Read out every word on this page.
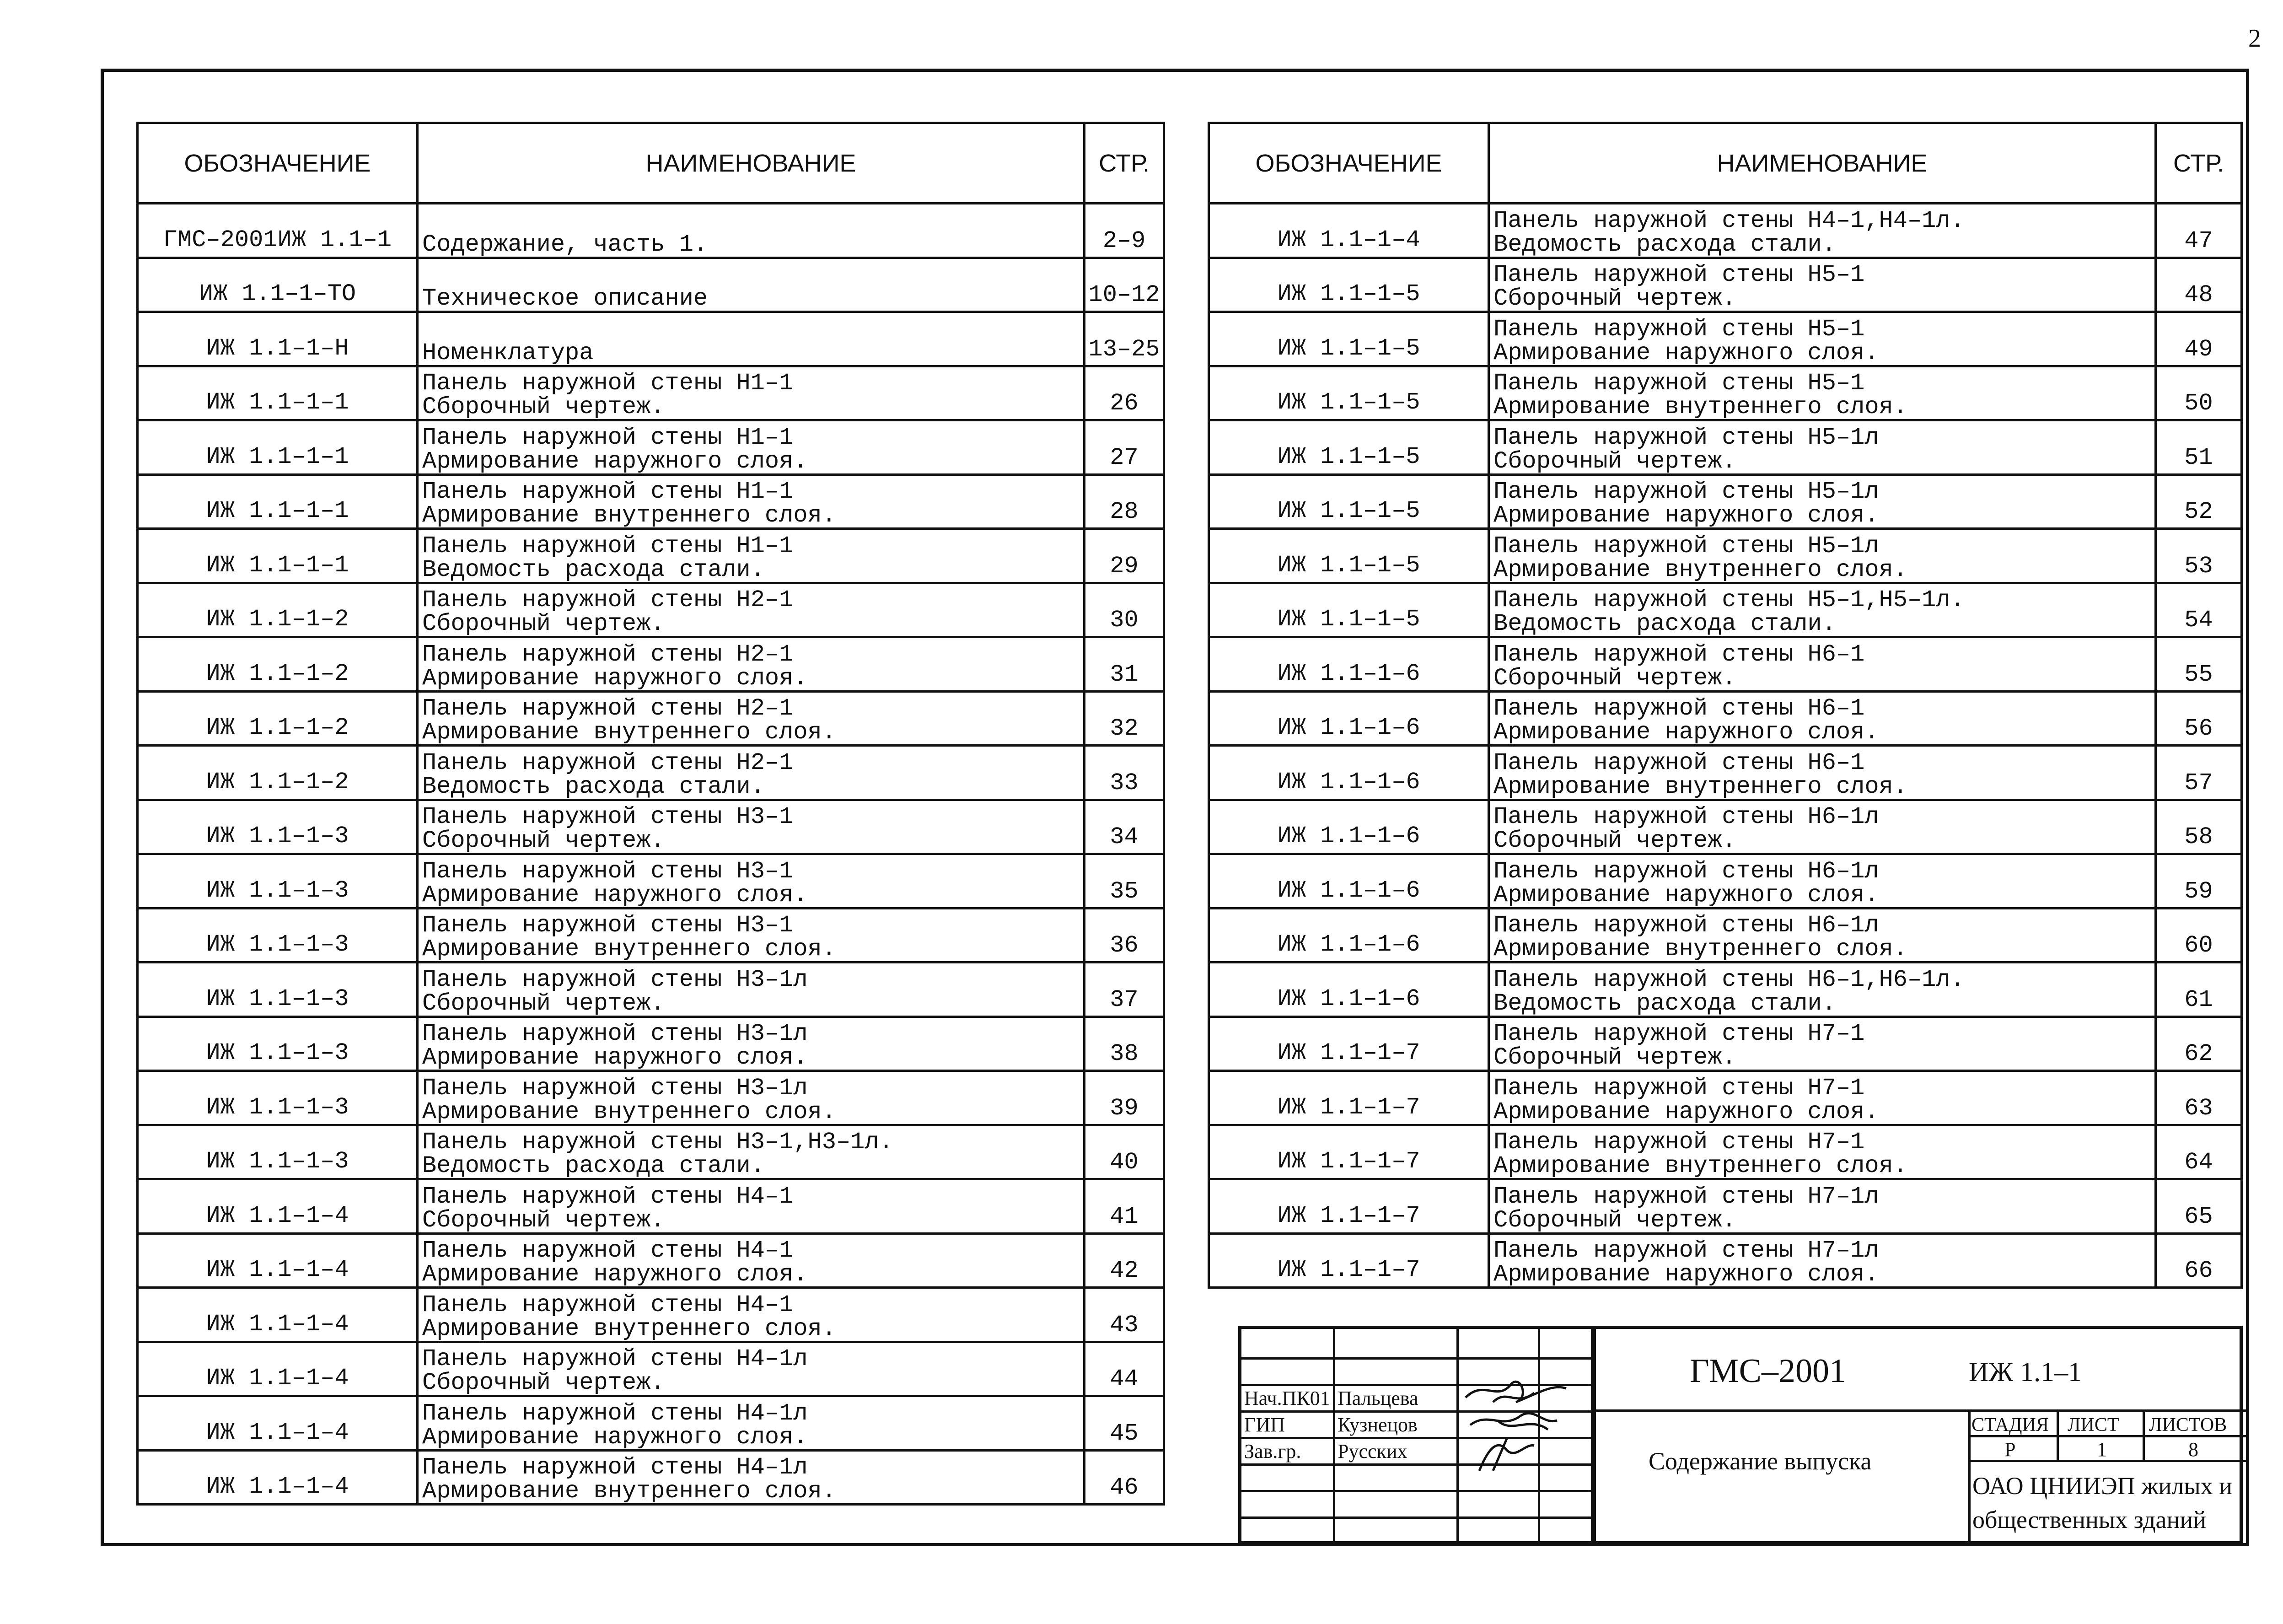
2
ОБОЗНАЧЕНИЕ	НАИМЕНОВАНИЕ	СТР.
ГМС–2001ИЖ 1.1–1	Содержание, часть 1.	2–9
ИЖ 1.1–1–ТО	Техническое описание	10–12
ИЖ 1.1–1–Н	Номенклатура	13–25
ИЖ 1.1–1–1	Панель наружной стены Н1–1
Сборочный чертеж.	26
ИЖ 1.1–1–1	Панель наружной стены Н1–1
Армирование наружного слоя.	27
ИЖ 1.1–1–1	Панель наружной стены Н1–1
Армирование внутреннего слоя.	28
ИЖ 1.1–1–1	Панель наружной стены Н1–1
Ведомость расхода стали.	29
ИЖ 1.1–1–2	Панель наружной стены Н2–1
Сборочный чертеж.	30
ИЖ 1.1–1–2	Панель наружной стены Н2–1
Армирование наружного слоя.	31
ИЖ 1.1–1–2	Панель наружной стены Н2–1
Армирование внутреннего слоя.	32
ИЖ 1.1–1–2	Панель наружной стены Н2–1
Ведомость расхода стали.	33
ИЖ 1.1–1–3	Панель наружной стены Н3–1
Сборочный чертеж.	34
ИЖ 1.1–1–3	Панель наружной стены Н3–1
Армирование наружного слоя.	35
ИЖ 1.1–1–3	Панель наружной стены Н3–1
Армирование внутреннего слоя.	36
ИЖ 1.1–1–3	Панель наружной стены Н3–1л
Сборочный чертеж.	37
ИЖ 1.1–1–3	Панель наружной стены Н3–1л
Армирование наружного слоя.	38
ИЖ 1.1–1–3	Панель наружной стены Н3–1л
Армирование внутреннего слоя.	39
ИЖ 1.1–1–3	Панель наружной стены Н3–1,Н3–1л.
Ведомость расхода стали.	40
ИЖ 1.1–1–4	Панель наружной стены Н4–1
Сборочный чертеж.	41
ИЖ 1.1–1–4	Панель наружной стены Н4–1
Армирование наружного слоя.	42
ИЖ 1.1–1–4	Панель наружной стены Н4–1
Армирование внутреннего слоя.	43
ИЖ 1.1–1–4	Панель наружной стены Н4–1л
Сборочный чертеж.	44
ИЖ 1.1–1–4	Панель наружной стены Н4–1л
Армирование наружного слоя.	45
ИЖ 1.1–1–4	Панель наружной стены Н4–1л
Армирование внутреннего слоя.	46
ОБОЗНАЧЕНИЕ	НАИМЕНОВАНИЕ	СТР.
ИЖ 1.1–1–4	Панель наружной стены Н4–1,Н4–1л.
Ведомость расхода стали.	47
ИЖ 1.1–1–5	Панель наружной стены Н5–1
Сборочный чертеж.	48
ИЖ 1.1–1–5	Панель наружной стены Н5–1
Армирование наружного слоя.	49
ИЖ 1.1–1–5	Панель наружной стены Н5–1
Армирование внутреннего слоя.	50
ИЖ 1.1–1–5	Панель наружной стены Н5–1л
Сборочный чертеж.	51
ИЖ 1.1–1–5	Панель наружной стены Н5–1л
Армирование наружного слоя.	52
ИЖ 1.1–1–5	Панель наружной стены Н5–1л
Армирование внутреннего слоя.	53
ИЖ 1.1–1–5	Панель наружной стены Н5–1,Н5–1л.
Ведомость расхода стали.	54
ИЖ 1.1–1–6	Панель наружной стены Н6–1
Сборочный чертеж.	55
ИЖ 1.1–1–6	Панель наружной стены Н6–1
Армирование наружного слоя.	56
ИЖ 1.1–1–6	Панель наружной стены Н6–1
Армирование внутреннего слоя.	57
ИЖ 1.1–1–6	Панель наружной стены Н6–1л
Сборочный чертеж.	58
ИЖ 1.1–1–6	Панель наружной стены Н6–1л
Армирование наружного слоя.	59
ИЖ 1.1–1–6	Панель наружной стены Н6–1л
Армирование внутреннего слоя.	60
ИЖ 1.1–1–6	Панель наружной стены Н6–1,Н6–1л.
Ведомость расхода стали.	61
ИЖ 1.1–1–7	Панель наружной стены Н7–1
Сборочный чертеж.	62
ИЖ 1.1–1–7	Панель наружной стены Н7–1
Армирование наружного слоя.	63
ИЖ 1.1–1–7	Панель наружной стены Н7–1
Армирование внутреннего слоя.	64
ИЖ 1.1–1–7	Панель наружной стены Н7–1л
Сборочный чертеж.	65
ИЖ 1.1–1–7	Панель наружной стены Н7–1л
Армирование наружного слоя.	66
Нач.ПК01 Пальцева
ГИП	Кузнецов
Зав.гр. Русских
ГМС–2001	ИЖ 1.1–1
Содержание выпуска
СТАДИЯ ЛИСТ ЛИСТОВ
Р	1	8
ОАО ЦНИИЭП жилых и
общественных зданий
